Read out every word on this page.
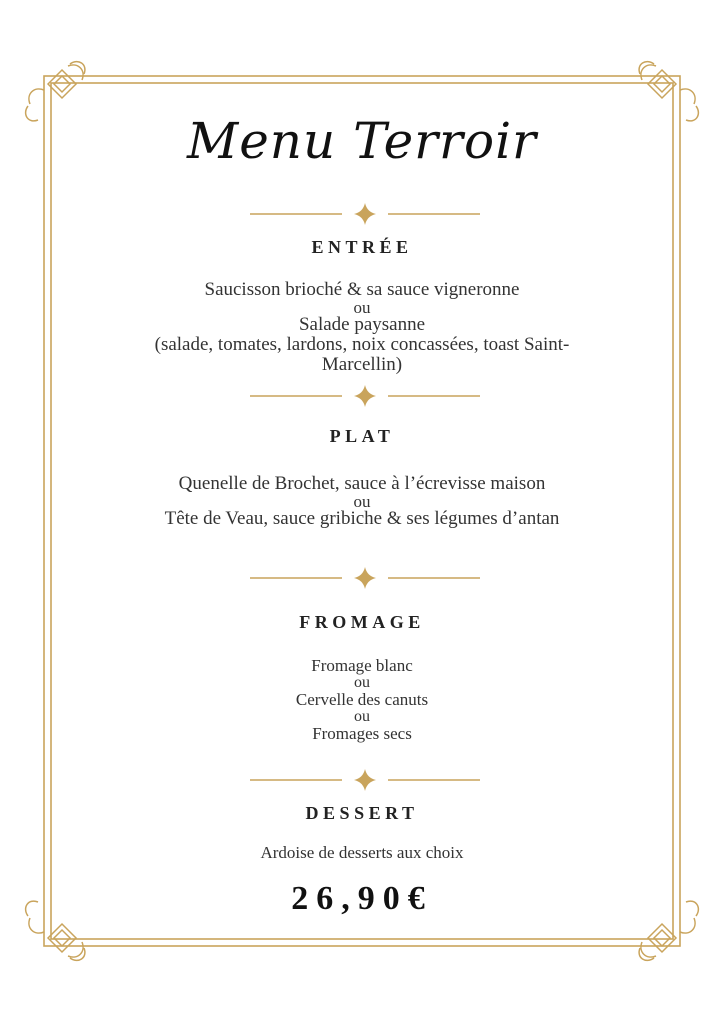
Menu Terroir
ENTRÉE
Saucisson brioché & sa sauce vigneronne
ou
Salade paysanne
(salade, tomates, lardons, noix concassées, toast Saint-
Marcellin)
PLAT
Quenelle de Brochet, sauce à l’écrevisse maison
ou
Tête de Veau, sauce gribiche & ses légumes d’antan
FROMAGE
Fromage blanc
ou
Cervelle des canuts
ou
Fromages secs
DESSERT
Ardoise de desserts aux choix
26,90€
